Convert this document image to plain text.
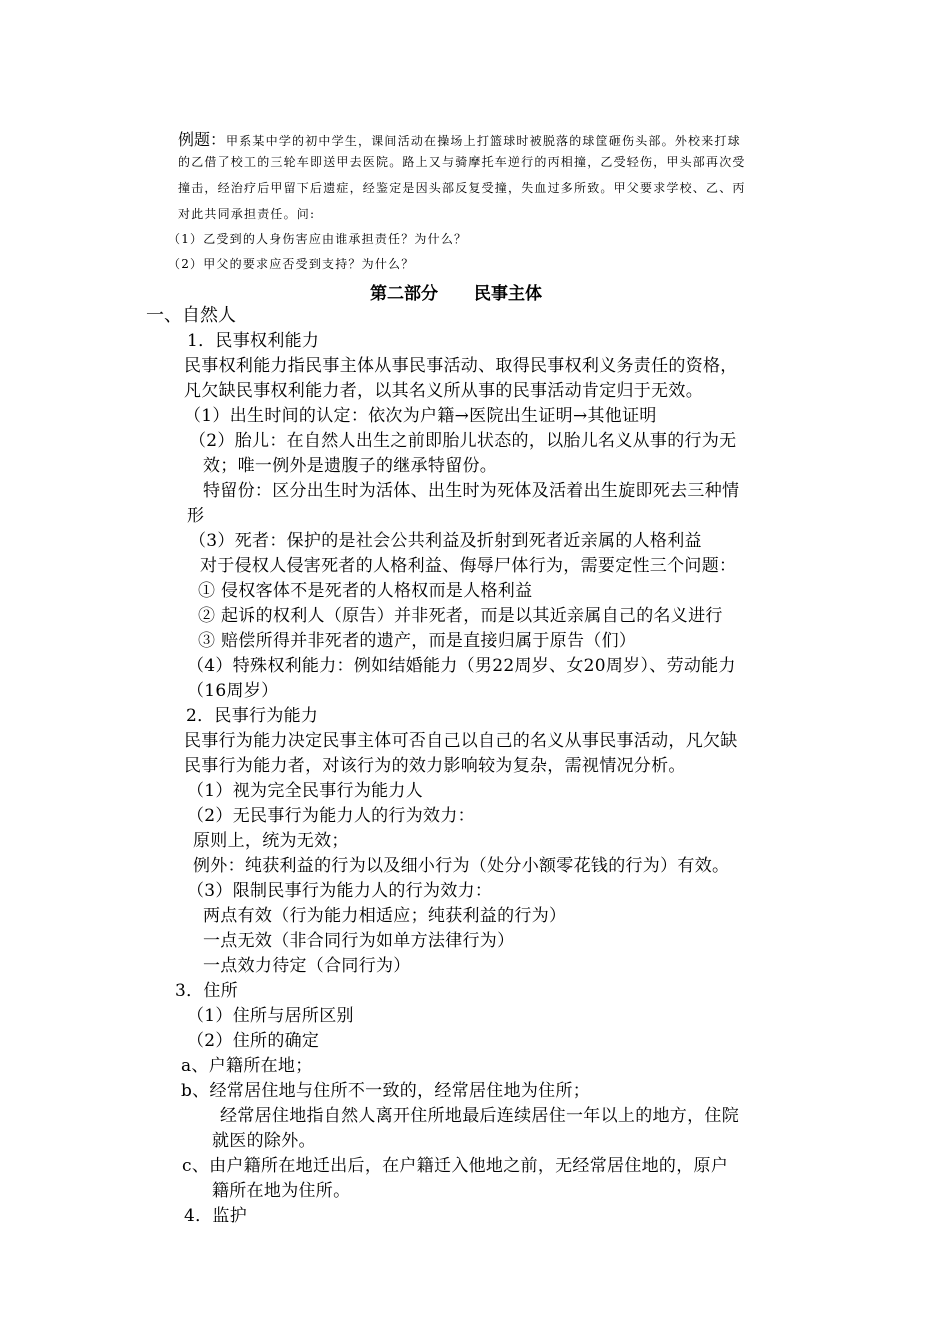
例题：甲系某中学的初中学生，课间活动在操场上打篮球时被脱落的球筐砸伤头部。外校来打球
的乙借了校工的三轮车即送甲去医院。路上又与骑摩托车逆行的丙相撞，乙受轻伤，甲头部再次受
撞击，经治疗后甲留下后遗症，经鉴定是因头部反复受撞，失血过多所致。甲父要求学校、乙、丙
对此共同承担责任。问:
（1）乙受到的人身伤害应由谁承担责任？为什么？
（2）甲父的要求应否受到支持？为什么？
第二部分 民事主体
一、自然人
1．民事权利能力
民事权利能力指民事主体从事民事活动、取得民事权利义务责任的资格，
凡欠缺民事权利能力者，以其名义所从事的民事活动肯定归于无效。
（1）出生时间的认定：依次为户籍→医院出生证明→其他证明
（2）胎儿：在自然人出生之前即胎儿状态的，以胎儿名义从事的行为无
效；唯一例外是遗腹子的继承特留份。
特留份：区分出生时为活体、出生时为死体及活着出生旋即死去三种情
形
（3）死者：保护的是社会公共利益及折射到死者近亲属的人格利益
对于侵权人侵害死者的人格利益、侮辱尸体行为，需要定性三个问题：
① 侵权客体不是死者的人格权而是人格利益
② 起诉的权利人（原告）并非死者，而是以其近亲属自己的名义进行
③ 赔偿所得并非死者的遗产，而是直接归属于原告（们）
（4）特殊权利能力：例如结婚能力（男22周岁、女20周岁）、劳动能力
（16周岁）
2．民事行为能力
民事行为能力决定民事主体可否自己以自己的名义从事民事活动，凡欠缺
民事行为能力者，对该行为的效力影响较为复杂，需视情况分析。
（1）视为完全民事行为能力人
（2）无民事行为能力人的行为效力：
原则上，统为无效；
例外：纯获利益的行为以及细小行为（处分小额零花钱的行为）有效。
（3）限制民事行为能力人的行为效力：
两点有效（行为能力相适应；纯获利益的行为）
一点无效（非合同行为如单方法律行为）
一点效力待定（合同行为）
3．住所
（1）住所与居所区别
（2）住所的确定
a、户籍所在地；
b、经常居住地与住所不一致的，经常居住地为住所；
经常居住地指自然人离开住所地最后连续居住一年以上的地方，住院
就医的除外。
c、由户籍所在地迁出后，在户籍迁入他地之前，无经常居住地的，原户
籍所在地为住所。
4．监护
